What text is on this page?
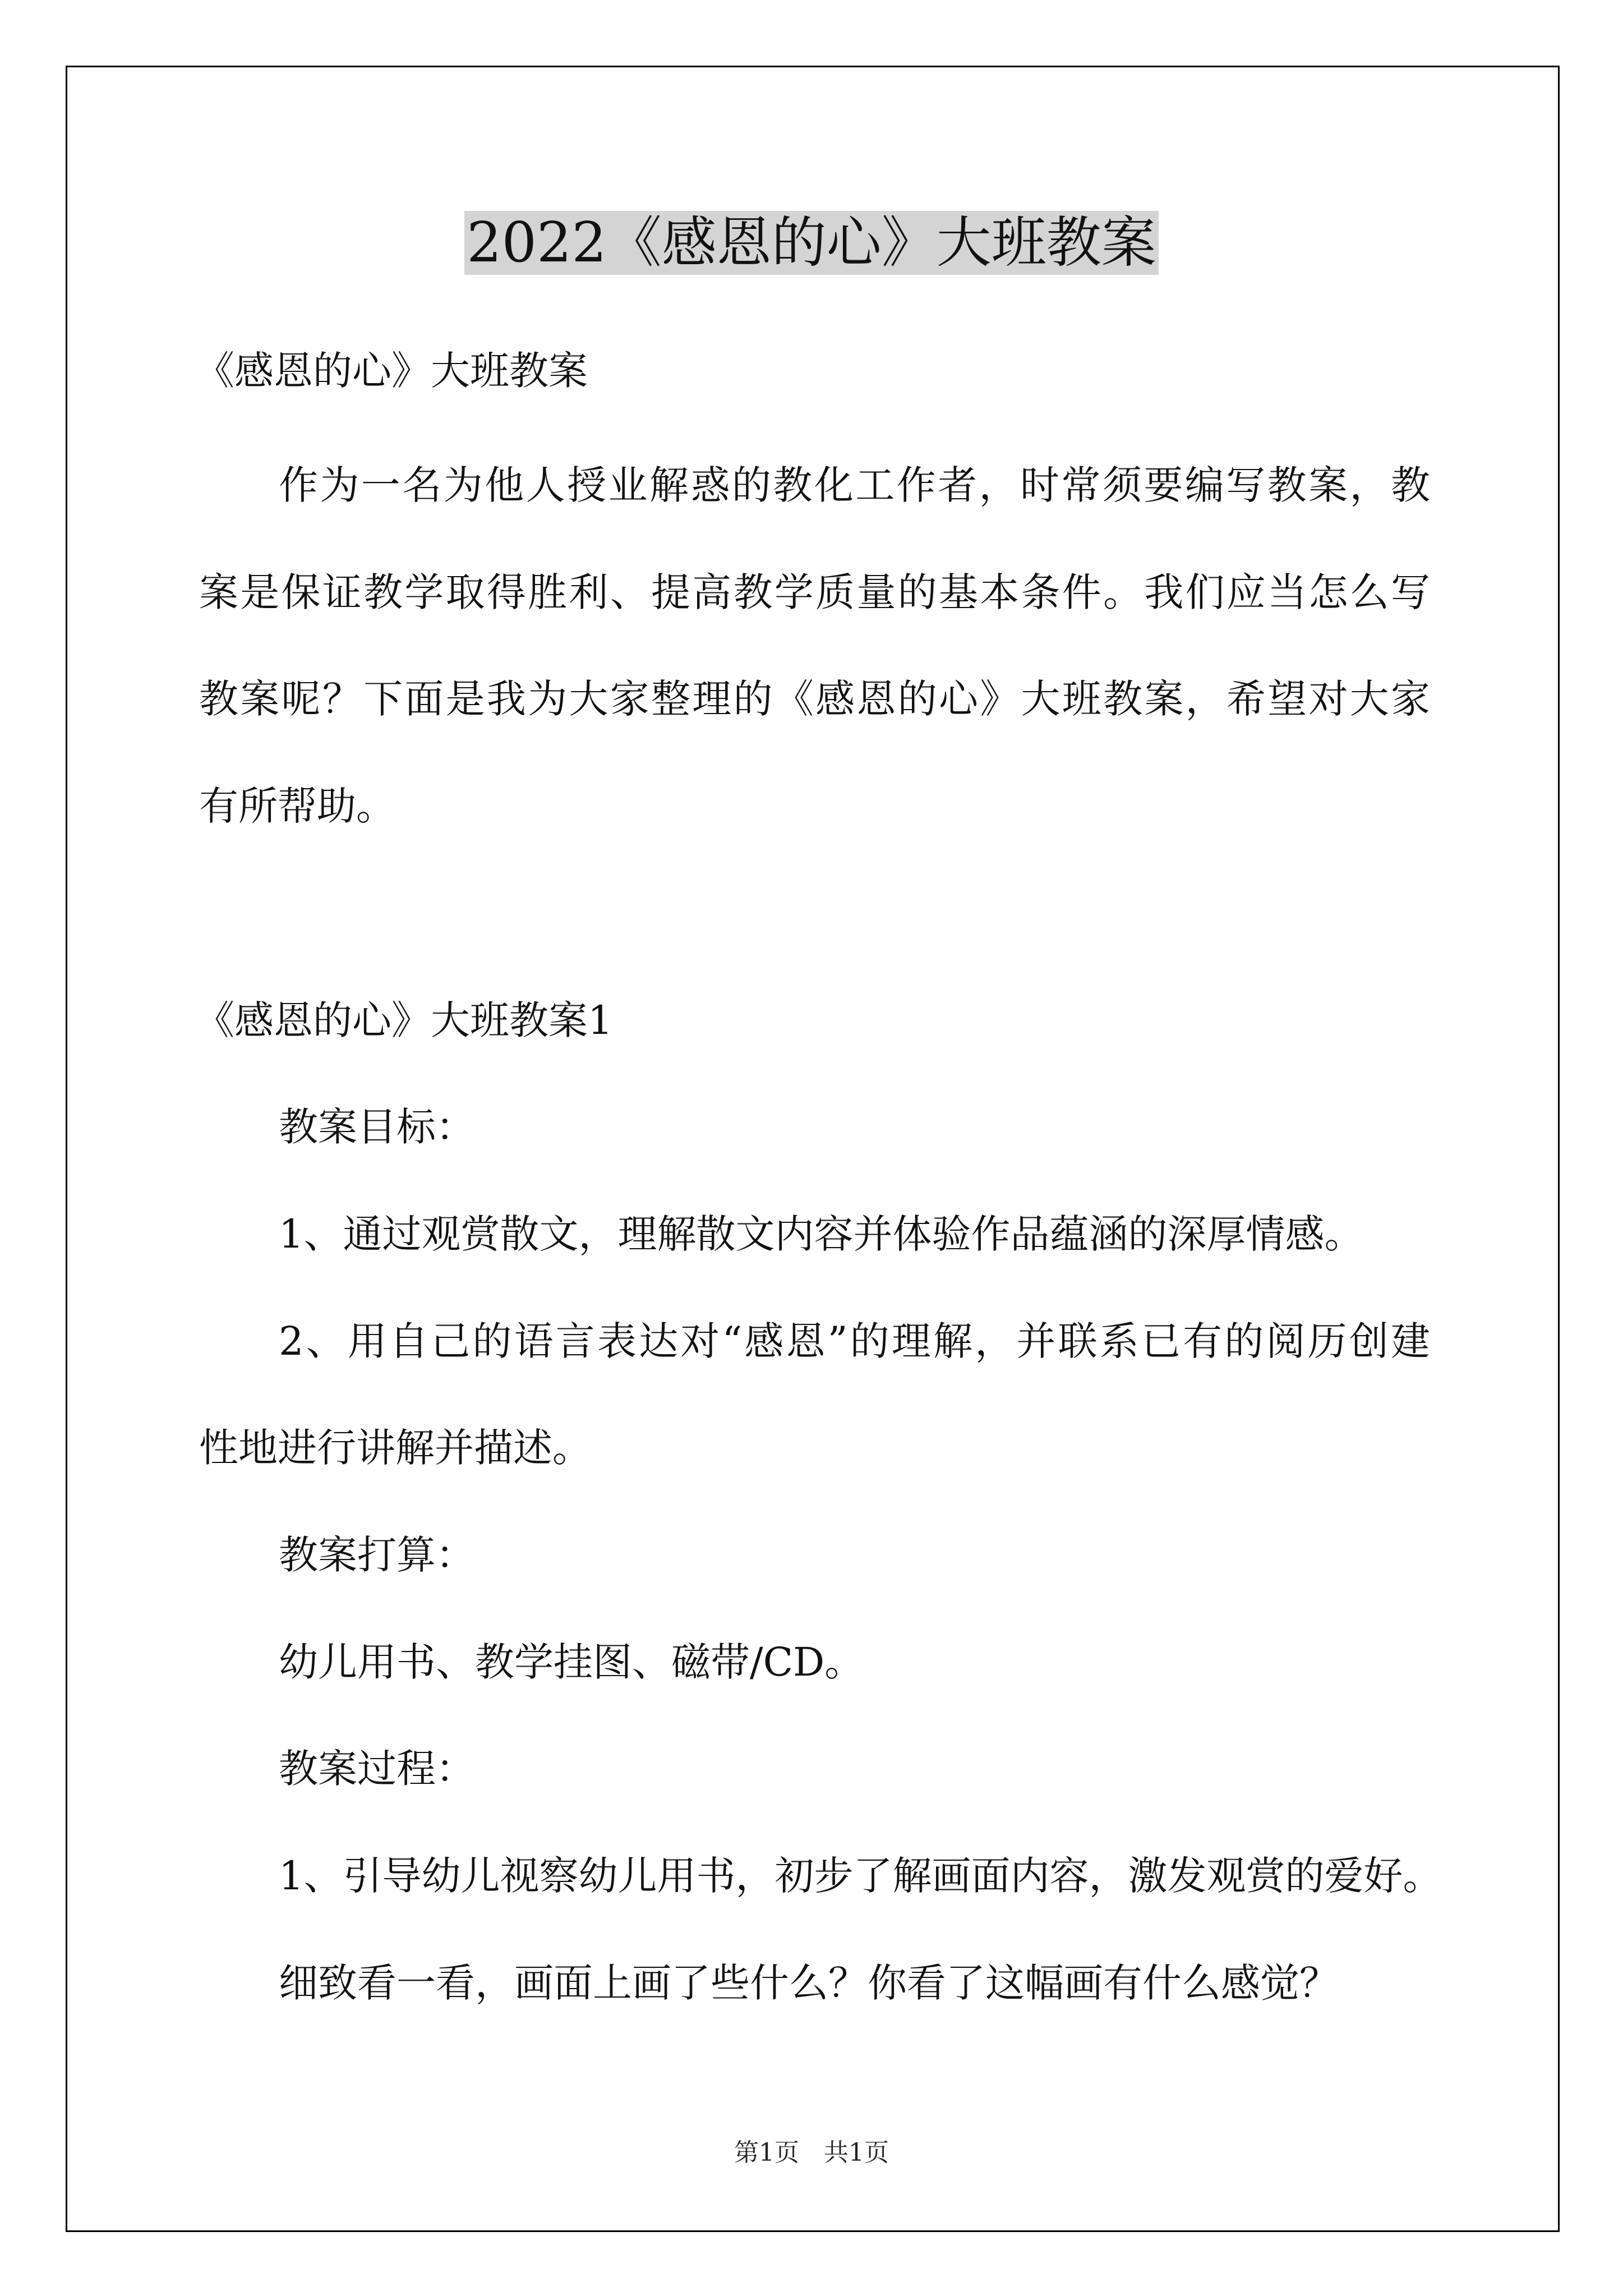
2022《感恩的心》大班教案
《感恩的心》大班教案
作为一名为他人授业解惑的教化工作者，时常须要编写教案，教
案是保证教学取得胜利、提高教学质量的基本条件。我们应当怎么写
教案呢？下面是我为大家整理的《感恩的心》大班教案，希望对大家
有所帮助。
《感恩的心》大班教案1
教案目标：
1、通过观赏散文，理解散文内容并体验作品蕴涵的深厚情感。
2、用自己的语言表达对“感恩”的理解，并联系已有的阅历创建
性地进行讲解并描述。
教案打算：
幼儿用书、教学挂图、磁带/CD。
教案过程：
1、引导幼儿视察幼儿用书，初步了解画面内容，激发观赏的爱好。
细致看一看，画面上画了些什么？你看了这幅画有什么感觉？
第1页　共1页
